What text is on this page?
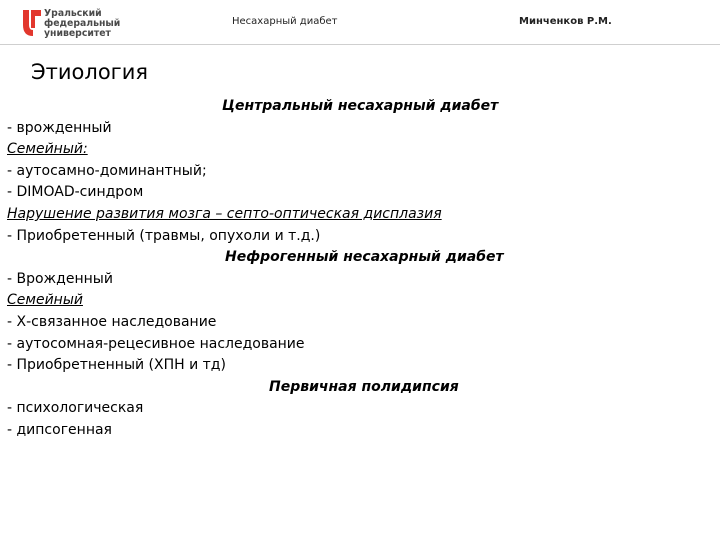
Уральский
федеральный
университет
Несахарный диабет	Минченков Р.М.
Этиология
Центральный несахарный диабет
- врожденный
Семейный:
- аутосамно-доминантный;
- DIMOAD-синдром
Нарушение развития мозга – септо-оптическая дисплазия
- Приобретенный (травмы, опухоли и т.д.)
Нефрогенный несахарный диабет
- Врожденный
Семейный
- Х-связанное наследование
- аутосомная-рецесивное наследование
- Приобретненный (ХПН и тд)
Первичная полидипсия
- психологическая
- дипсогенная
